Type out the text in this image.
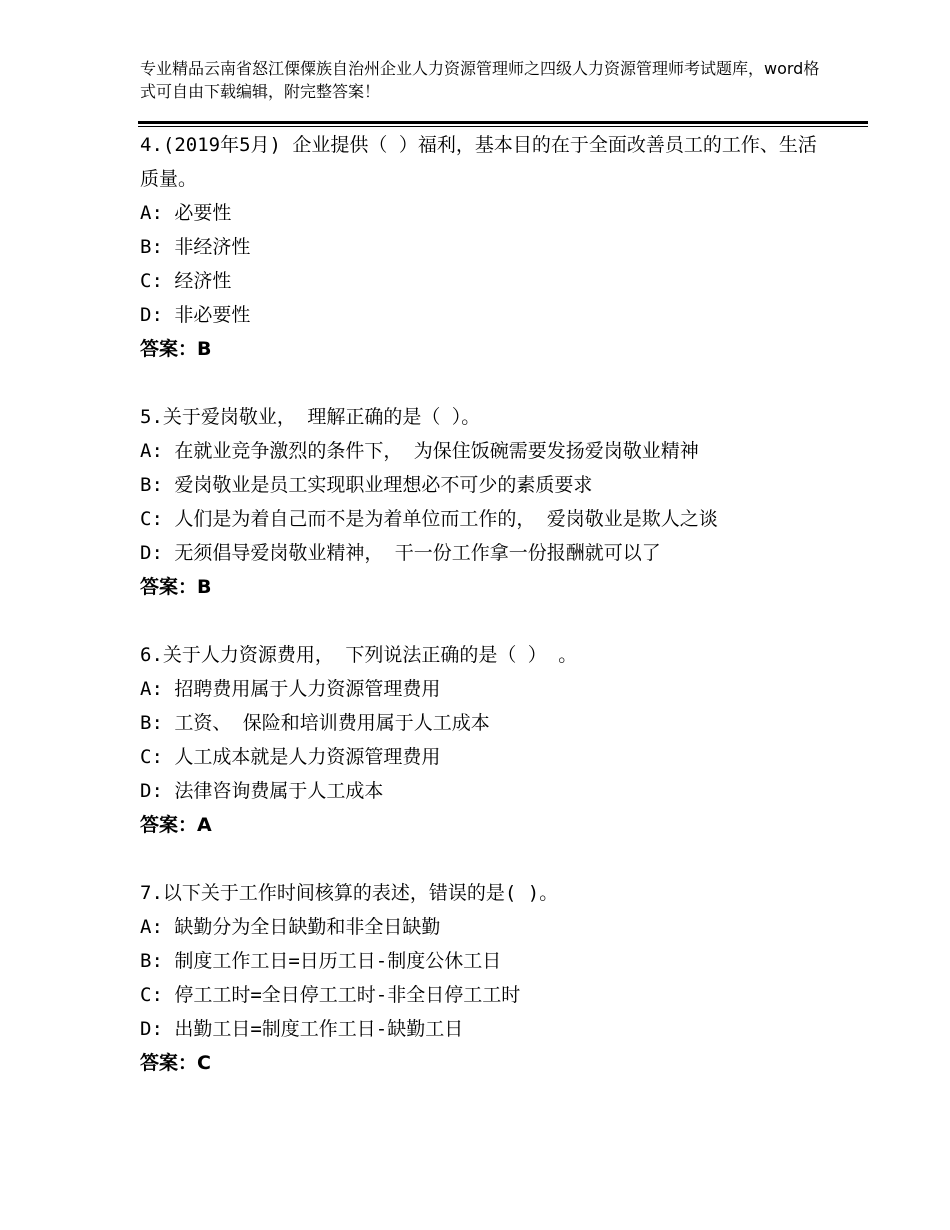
专业精品云南省怒江傈僳族自治州企业人力资源管理师之四级人力资源管理师考试题库，word格式可自由下载编辑，附完整答案！
4.(2019年5月) 企业提供（ ）福利，基本目的在于全面改善员工的工作、生活质量。
A: 必要性
B: 非经济性
C: 经济性
D: 非必要性
答案：B
5.关于爱岗敬业， 理解正确的是（ ）。
A: 在就业竞争激烈的条件下， 为保住饭碗需要发扬爱岗敬业精神
B: 爱岗敬业是员工实现职业理想必不可少的素质要求
C: 人们是为着自己而不是为着单位而工作的， 爱岗敬业是欺人之谈
D: 无须倡导爱岗敬业精神， 干一份工作拿一份报酬就可以了
答案：B
6.关于人力资源费用， 下列说法正确的是（ ） 。
A: 招聘费用属于人力资源管理费用
B: 工资、 保险和培训费用属于人工成本
C: 人工成本就是人力资源管理费用
D: 法律咨询费属于人工成本
答案：A
7.以下关于工作时间核算的表述，错误的是( )。
A: 缺勤分为全日缺勤和非全日缺勤
B: 制度工作工日=日历工日-制度公休工日
C: 停工工时=全日停工工时-非全日停工工时
D: 出勤工日=制度工作工日-缺勤工日
答案：C
